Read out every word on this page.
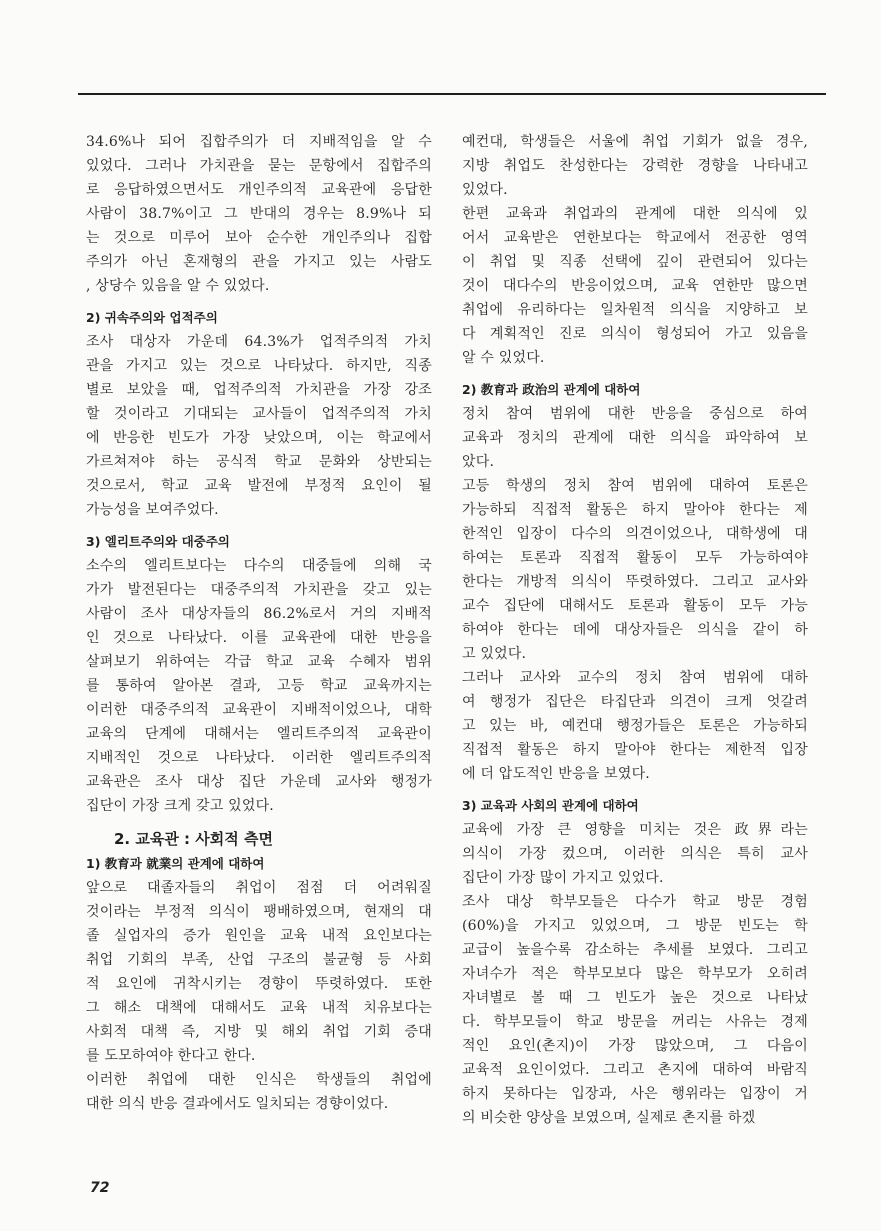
34.6%나 되어 집합주의가 더 지배적임을 알 수
있었다. 그러나 가치관을 묻는 문항에서 집합주의
로 응답하였으면서도 개인주의적 교육관에 응답한
사람이 38.7%이고 그 반대의 경우는 8.9%나 되
는 것으로 미루어 보아 순수한 개인주의나 집합
주의가 아닌 혼재형의 관을 가지고 있는 사람도
, 상당수 있음을 알 수 있었다.
2) 귀속주의와 업적주의
조사 대상자 가운데 64.3%가 업적주의적 가치
관을 가지고 있는 것으로 나타났다. 하지만, 직종
별로 보았을 때, 업적주의적 가치관을 가장 강조
할 것이라고 기대되는 교사들이 업적주의적 가치
에 반응한 빈도가 가장 낮았으며, 이는 학교에서
가르쳐져야 하는 공식적 학교 문화와 상반되는
것으로서, 학교 교육 발전에 부정적 요인이 될
가능성을 보여주었다.
3) 엘리트주의와 대중주의
소수의 엘리트보다는 다수의 대중들에 의해 국
가가 발전된다는 대중주의적 가치관을 갖고 있는
사람이 조사 대상자들의 86.2%로서 거의 지배적
인 것으로 나타났다. 이를 교육관에 대한 반응을
살펴보기 위하여는 각급 학교 교육 수혜자 범위
를 통하여 알아본 결과, 고등 학교 교육까지는
이러한 대중주의적 교육관이 지배적이었으나, 대학
교육의 단계에 대해서는 엘리트주의적 교육관이
지배적인 것으로 나타났다. 이러한 엘리트주의적
교육관은 조사 대상 집단 가운데 교사와 행정가
집단이 가장 크게 갖고 있었다.
2. 교육관 : 사회적 측면
1) 教育과 就業의 관계에 대하여
앞으로 대졸자들의 취업이 점점 더 어려워질
것이라는 부정적 의식이 팽배하였으며, 현재의 대
졸 실업자의 증가 원인을 교육 내적 요인보다는
취업 기회의 부족, 산업 구조의 불균형 등 사회
적 요인에 귀착시키는 경향이 뚜렷하였다. 또한
그 해소 대책에 대해서도 교육 내적 치유보다는
사회적 대책 즉, 지방 및 해외 취업 기회 증대
를 도모하여야 한다고 한다.
이러한 취업에 대한 인식은 학생들의 취업에
대한 의식 반응 결과에서도 일치되는 경향이었다.
예컨대, 학생들은 서울에 취업 기회가 없을 경우,
지방 취업도 찬성한다는 강력한 경향을 나타내고
있었다.
한편 교육과 취업과의 관계에 대한 의식에 있
어서 교육받은 연한보다는 학교에서 전공한 영역
이 취업 및 직종 선택에 깊이 관련되어 있다는
것이 대다수의 반응이었으며, 교육 연한만 많으면
취업에 유리하다는 일차원적 의식을 지양하고 보
다 계획적인 진로 의식이 형성되어 가고 있음을
알 수 있었다.
2) 教育과 政治의 관계에 대하여
정치 참여 범위에 대한 반응을 중심으로 하여
교육과 정치의 관계에 대한 의식을 파악하여 보
았다.
고등 학생의 정치 참여 범위에 대하여 토론은
가능하되 직접적 활동은 하지 말아야 한다는 제
한적인 입장이 다수의 의견이었으나, 대학생에 대
하여는 토론과 직접적 활동이 모두 가능하여야
한다는 개방적 의식이 뚜렷하였다. 그리고 교사와
교수 집단에 대해서도 토론과 활동이 모두 가능
하여야 한다는 데에 대상자들은 의식을 같이 하
고 있었다.
그러나 교사와 교수의 정치 참여 범위에 대하
여 행정가 집단은 타집단과 의견이 크게 엇갈려
고 있는 바, 예컨대 행정가들은 토론은 가능하되
직접적 활동은 하지 말아야 한다는 제한적 입장
에 더 압도적인 반응을 보였다.
3) 교육과 사회의 관계에 대하여
교육에 가장 큰 영향을 미치는 것은 政界라는
의식이 가장 컸으며, 이러한 의식은 특히 교사
집단이 가장 많이 가지고 있었다.
조사 대상 학부모들은 다수가 학교 방문 경험
(60%)을 가지고 있었으며, 그 방문 빈도는 학
교급이 높을수록 감소하는 추세를 보였다. 그리고
자녀수가 적은 학부모보다 많은 학부모가 오히려
자녀별로 볼 때 그 빈도가 높은 것으로 나타났
다. 학부모들이 학교 방문을 꺼리는 사유는 경제
적인 요인(촌지)이 가장 많았으며, 그 다음이
교육적 요인이었다. 그리고 촌지에 대하여 바람직
하지 못하다는 입장과, 사은 행위라는 입장이 거
의 비슷한 양상을 보였으며, 실제로 촌지를 하겠
72
